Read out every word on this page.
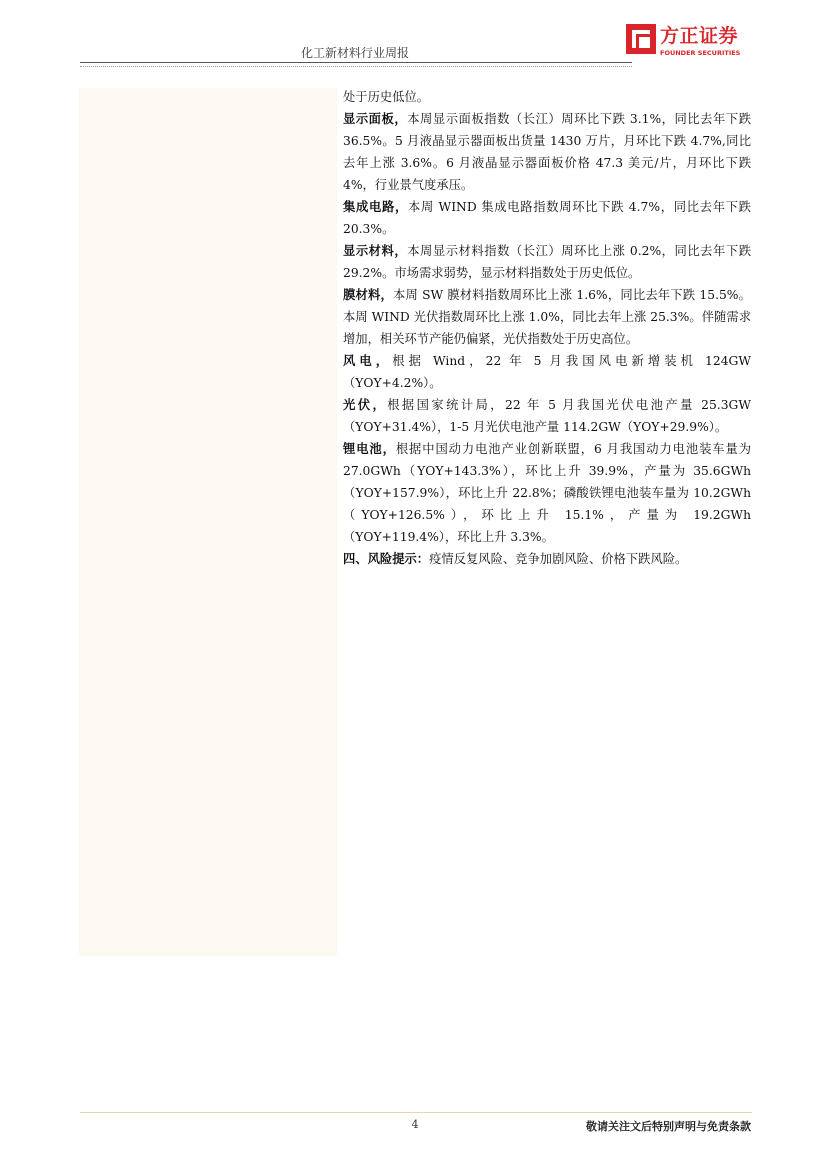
化工新材料行业周报
方正证券
FOUNDER SECURITIES

处于历史低位。

显示面板，本周显示面板指数（长江）周环比下跌 3.1%，同比去年下跌 36.5%。5 月液晶显示器面板出货量 1430 万片，月环比下跌 4.7%,同比去年上涨 3.6%。6 月液晶显示器面板价格 47.3 美元/片，月环比下跌 4%，行业景气度承压。

集成电路，本周 WIND 集成电路指数周环比下跌 4.7%，同比去年下跌 20.3%。

显示材料，本周显示材料指数（长江）周环比上涨 0.2%，同比去年下跌 29.2%。市场需求弱势，显示材料指数处于历史低位。

膜材料，本周 SW 膜材料指数周环比上涨 1.6%，同比去年下跌 15.5%。本周 WIND 光伏指数周环比上涨 1.0%，同比去年上涨 25.3%。伴随需求增加，相关环节产能仍偏紧，光伏指数处于历史高位。

风电，根据 Wind，22 年 5 月我国风电新增装机 124GW（YOY+4.2%）。

光伏，根据国家统计局，22 年 5 月我国光伏电池产量 25.3GW（YOY+31.4%），1-5 月光伏电池产量 114.2GW（YOY+29.9%）。

锂电池，根据中国动力电池产业创新联盟，6 月我国动力电池装车量为 27.0GWh（YOY+143.3%），环比上升 39.9%，产量为 35.6GWh（YOY+157.9%），环比上升 22.8%；磷酸铁锂电池装车量为 10.2GWh（YOY+126.5%），环比上升 15.1%，产量为 19.2GWh（YOY+119.4%），环比上升 3.3%。

四、风险提示：疫情反复风险、竞争加剧风险、价格下跌风险。

4	敬请关注文后特别声明与免责条款
